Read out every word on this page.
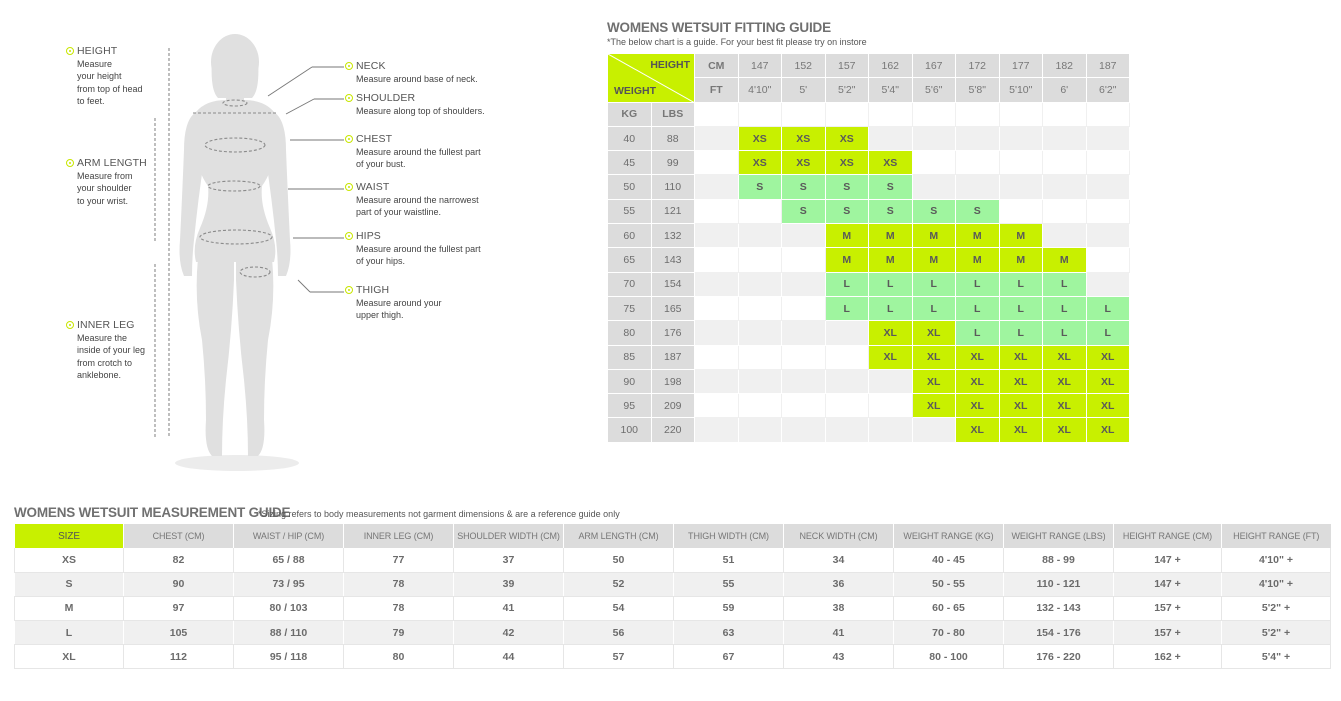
HEIGHT
Measure
your height
from top of head
to feet.
ARM LENGTH
Measure from
your shoulder
to your wrist.
INNER LEG
Measure the
inside of your leg
from crotch to
anklebone.
NECK
Measure around base of neck.
SHOULDER
Measure along top of shoulders.
CHEST
Measure around the fullest part
of your bust.
WAIST
Measure around the narrowest
part of your waistline.
HIPS
Measure around the fullest part
of your hips.
THIGH
Measure around your
upper thigh.
WOMENS WETSUIT FITTING GUIDE
*The below chart is a guide. For your best fit please try on instore
HEIGHT
WEIGHT		CM	147	152	157	162	167	172	177	182	187
		FT	4'10"	5'	5'2"	5'4"	5'6"	5'8"	5'10"	6'	6'2"
KG	LBS										
40	88		XS	XS	XS						
45	99		XS	XS	XS	XS					
50	110		S	S	S	S					
55	121			S	S	S	S	S			
60	132				M	M	M	M	M		
65	143				M	M	M	M	M	M	
70	154				L	L	L	L	L	L	
75	165				L	L	L	L	L	L	L
80	176					XL	XL	L	L	L	L
85	187					XL	XL	XL	XL	XL	XL
90	198						XL	XL	XL	XL	XL
95	209						XL	XL	XL	XL	XL
100	220							XL	XL	XL	XL
WOMENS WETSUIT MEASUREMENT GUIDE
*Sizing refers to body measurements not garment dimensions & are a reference guide only
SIZE	CHEST (CM)	WAIST / HIP (CM)	INNER LEG (CM)	SHOULDER WIDTH (CM)	ARM LENGTH (CM)	THIGH WIDTH (CM)	NECK WIDTH (CM)	WEIGHT RANGE (KG)	WEIGHT RANGE (LBS)	HEIGHT RANGE (CM)	HEIGHT RANGE (FT)
XS	82	65 / 88	77	37	50	51	34	40 - 45	88 - 99	147 +	4'10" +
S	90	73 / 95	78	39	52	55	36	50 - 55	110 - 121	147 +	4'10" +
M	97	80 / 103	78	41	54	59	38	60 - 65	132 - 143	157 +	5'2" +
L	105	88 / 110	79	42	56	63	41	70 - 80	154 - 176	157 +	5'2" +
XL	112	95 / 118	80	44	57	67	43	80 - 100	176 - 220	162 +	5'4" +
